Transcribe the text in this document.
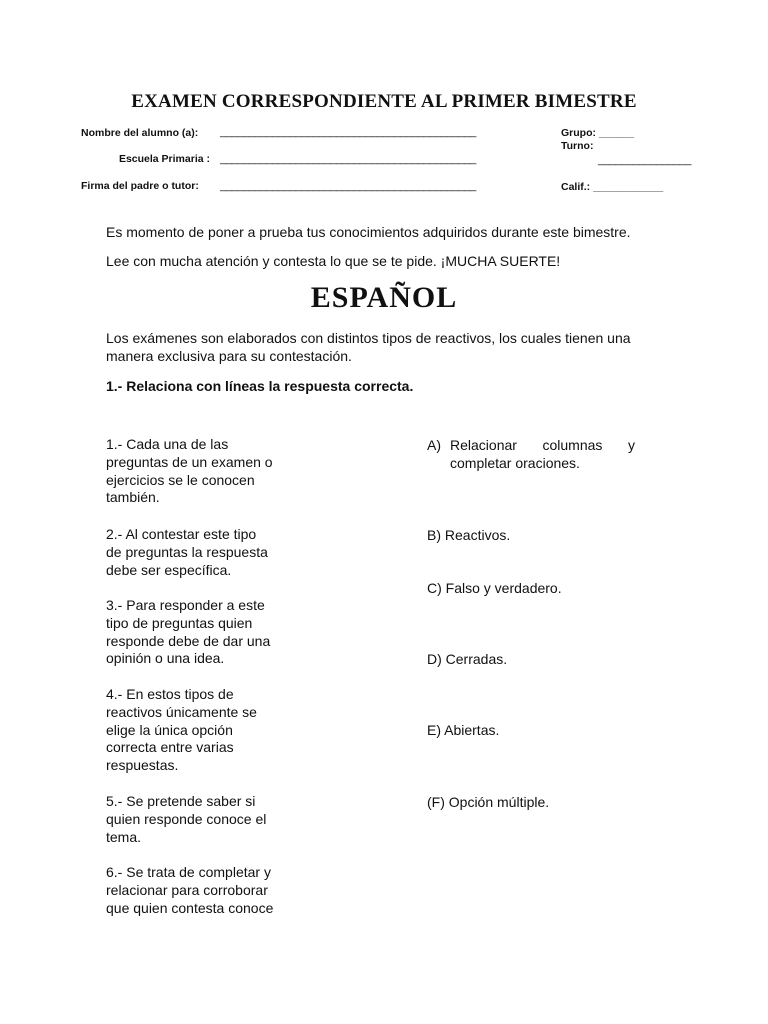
EXAMEN CORRESPONDIENTE AL PRIMER BIMESTRE
Nombre del alumno (a): ____________________________________________	Grupo: ______
Turno:
Escuela Primaria : ____________________________________________	________________
Firma del padre o tutor: ____________________________________________	Calif.: ____________
Es momento de poner a prueba tus conocimientos adquiridos durante este bimestre.
Lee con mucha atención y contesta lo que se te pide. ¡MUCHA SUERTE!
ESPAÑOL
Los exámenes son elaborados con distintos tipos de reactivos, los cuales tienen una
manera exclusiva para su contestación.
1.- Relaciona con líneas la respuesta correcta.
1.- Cada una de las
preguntas de un examen o
ejercicios se le conocen
también.
2.- Al contestar este tipo
de preguntas la respuesta
debe ser específica.
3.- Para responder a este
tipo de preguntas quien
responde debe de dar una
opinión o una idea.
4.- En estos tipos de
reactivos únicamente se
elige la única opción
correcta entre varias
respuestas.
5.- Se pretende saber si
quien responde conoce el
tema.
6.- Se trata de completar y
relacionar para corroborar
que quien contesta conoce
A) Relacionar columnas y
completar oraciones.
B) Reactivos.
C) Falso y verdadero.
D) Cerradas.
E) Abiertas.
(F) Opción múltiple.
